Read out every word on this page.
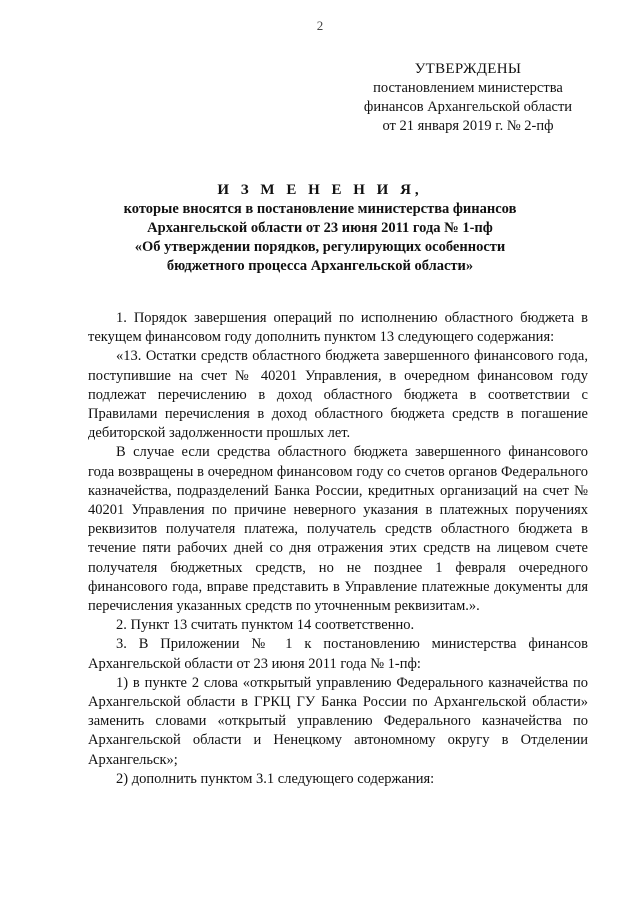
2
УТВЕРЖДЕНЫ
постановлением министерства
финансов Архангельской области
от 21 января 2019 г. № 2-пф
И З М Е Н Е Н И Я,
которые вносятся в постановление министерства финансов
Архангельской области от 23 июня 2011 года № 1-пф
«Об утверждении порядков, регулирующих особенности
бюджетного процесса Архангельской области»

1. Порядок завершения операций по исполнению областного бюджета в текущем финансовом году дополнить пунктом 13 следующего содержания:

«13. Остатки средств областного бюджета завершенного финансового года, поступившие на счет № 40201 Управления, в очередном финансовом году подлежат перечислению в доход областного бюджета в соответствии с Правилами перечисления в доход областного бюджета средств в погашение дебиторской задолженности прошлых лет.

В случае если средства областного бюджета завершенного финансового года возвращены в очередном финансовом году со счетов органов Федерального казначейства, подразделений Банка России, кредитных организаций на счет № 40201 Управления по причине неверного указания в платежных поручениях реквизитов получателя платежа, получатель средств областного бюджета в течение пяти рабочих дней со дня отражения этих средств на лицевом счете получателя бюджетных средств, но не позднее 1 февраля очередного финансового года, вправе представить в Управление платежные документы для перечисления указанных средств по уточненным реквизитам.».

2. Пункт 13 считать пунктом 14 соответственно.

3. В Приложении № 1 к постановлению министерства финансов Архангельской области от 23 июня 2011 года № 1-пф:

1) в пункте 2 слова «открытый управлению Федерального казначейства по Архангельской области в ГРКЦ ГУ Банка России по Архангельской области» заменить словами «открытый управлению Федерального казначейства по Архангельской области и Ненецкому автономному округу в Отделении Архангельск»;

2) дополнить пунктом 3.1 следующего содержания:
